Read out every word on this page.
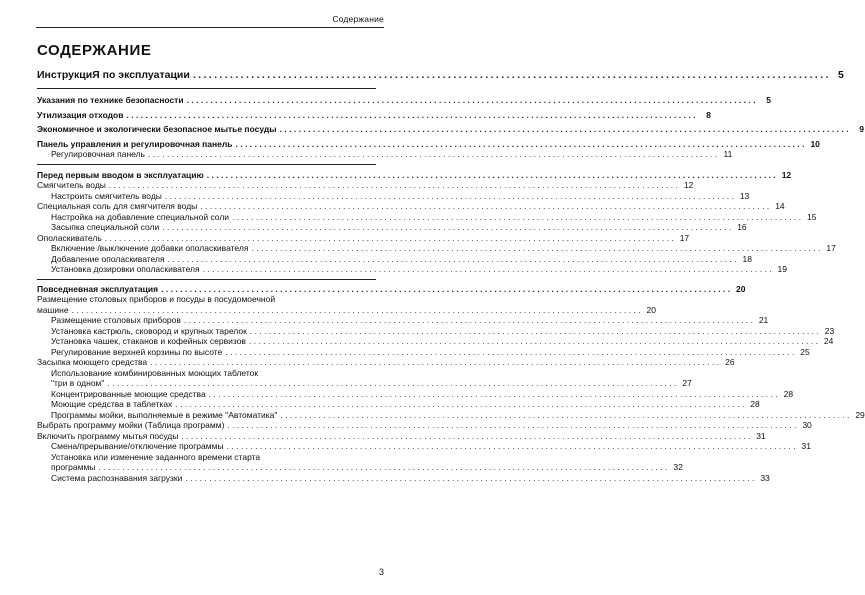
Содержание
СОДЕРЖАНИЕ
ИнструкциЯ по эксплуатации ........................................................................................................................ 5
Указания по технике безопасности ........................................................................................................................ 5
Утилизация отходов ........................................................................................................................ 8
Экономичное и экологически безопасное мытье посуды ........................................................................................................................ 9
Панель управления и регулировочная панель ........................................................................................................................ 10
Регулировочная панель ........................................................................................................................ 11
Перед первым вводом в эксплуатацию ........................................................................................................................ 12
Смягчитель воды ........................................................................................................................ 12
Настроить смягчитель воды ........................................................................................................................ 13
Специальная соль для смягчителя воды ........................................................................................................................ 14
Настройка на добавление специальной соли ........................................................................................................................ 15
Засыпка специальной соли ........................................................................................................................ 16
Ополаскиватель ........................................................................................................................ 17
Включение /выключение добавки ополаскивателя ........................................................................................................................ 17
Добавление ополаскивателя ........................................................................................................................ 18
Установка дозировки ополаскивателя ........................................................................................................................ 19
Повседневная эксплуатация ........................................................................................................................ 20
Размещение столовых приборов и посуды в посудомоечной
машине ........................................................................................................................ 20
Размещение столовых приборов ........................................................................................................................ 21
Установка кастрюль, сковород и крупных тарелок ........................................................................................................................ 23
Установка чашек, стаканов и кофейных сервизов ........................................................................................................................ 24
Регулирование верхней корзины по высоте ........................................................................................................................ 25
Засыпка моющего средства ........................................................................................................................ 26
Использование комбинированных моющих таблеток
"три в одном" ........................................................................................................................ 27
Концентрированные моющие средства ........................................................................................................................ 28
Моющие средства в таблетках ........................................................................................................................ 28
Программы мойки, выполняемые в режиме "Автоматика" ........................................................................................................................ 29
Выбрать программу мойки (Таблица программ) ........................................................................................................................ 30
Включить программу мытья посуды ........................................................................................................................ 31
Смена/прерывание/отключение программы ........................................................................................................................ 31
Установка или изменение заданного времени старта
программы ........................................................................................................................ 32
Система распознавания загрузки ........................................................................................................................ 33
3
